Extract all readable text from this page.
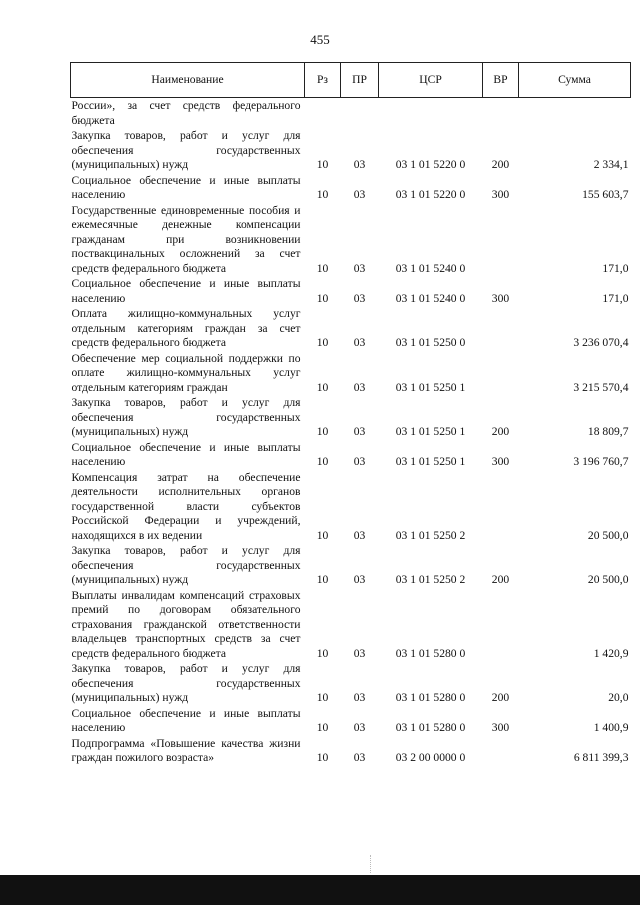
455
Наименование	Рз	ПР	ЦСР	ВР	Сумма

России», за счет средств федерального бюджета					

Закупка товаров, работ и услуг для обеспечения государственных (муниципальных) нужд	10	03	03 1 01 5220 0	200	2 334,1

Социальное обеспечение и иные выплаты населению	10	03	03 1 01 5220 0	300	155 603,7

Государственные единовременные пособия и ежемесячные денежные компенсации гражданам при возникновении поствакцинальных осложнений за счет средств федерального бюджета	10	03	03 1 01 5240 0		171,0

Социальное обеспечение и иные выплаты населению	10	03	03 1 01 5240 0	300	171,0

Оплата жилищно-коммунальных услуг отдельным категориям граждан за счет средств федерального бюджета	10	03	03 1 01 5250 0		3 236 070,4

Обеспечение мер социальной поддержки по оплате жилищно-коммунальных услуг отдельным категориям граждан	10	03	03 1 01 5250 1		3 215 570,4

Закупка товаров, работ и услуг для обеспечения государственных (муниципальных) нужд	10	03	03 1 01 5250 1	200	18 809,7

Социальное обеспечение и иные выплаты населению	10	03	03 1 01 5250 1	300	3 196 760,7

Компенсация затрат на обеспечение деятельности исполнительных органов государственной власти субъектов Российской Федерации и учреждений, находящихся в их ведении	10	03	03 1 01 5250 2		20 500,0

Закупка товаров, работ и услуг для обеспечения государственных (муниципальных) нужд	10	03	03 1 01 5250 2	200	20 500,0

Выплаты инвалидам компенсаций страховых премий по договорам обязательного страхования гражданской ответственности владельцев транспортных средств за счет средств федерального бюджета	10	03	03 1 01 5280 0		1 420,9

Закупка товаров, работ и услуг для обеспечения государственных (муниципальных) нужд	10	03	03 1 01 5280 0	200	20,0

Социальное обеспечение и иные выплаты населению	10	03	03 1 01 5280 0	300	1 400,9

Подпрограмма «Повышение качества жизни граждан пожилого возраста»	10	03	03 2 00 0000 0		6 811 399,3
